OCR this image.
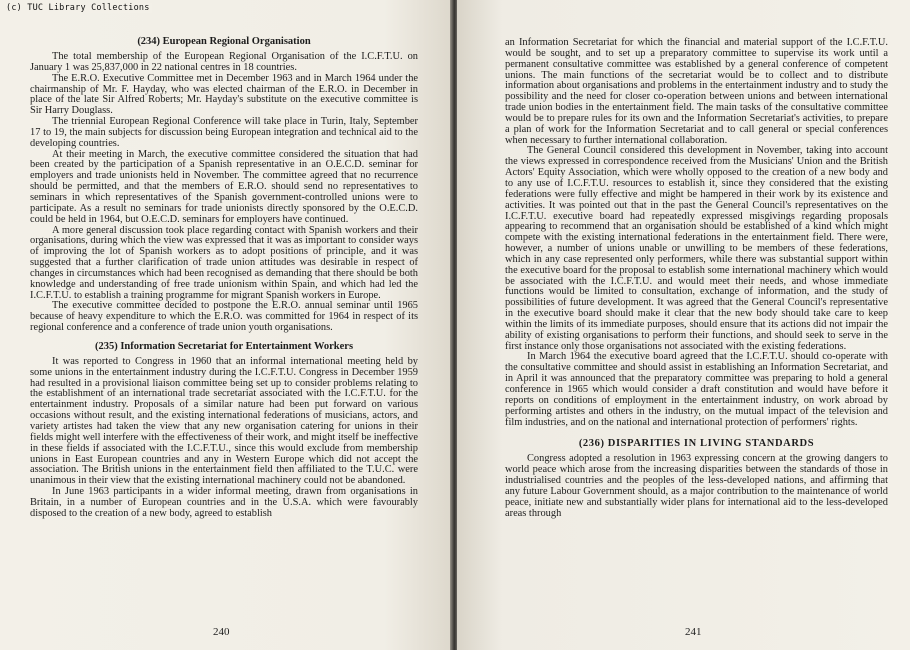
(234) European Regional Organisation

The total membership of the European Regional Organisation of the I.C.F.T.U. on January 1 was 25,837,000 in 22 national centres in 18 countries.

The E.R.O. Executive Committee met in December 1963 and in March 1964 under the chairmanship of Mr. F. Hayday, who was elected chairman of the E.R.O. in December in place of the late Sir Alfred Roberts; Mr. Hayday's substitute on the executive committee is Sir Harry Douglass.

The triennial European Regional Conference will take place in Turin, Italy, September 17 to 19, the main subjects for discussion being European integration and technical aid to the developing countries.

At their meeting in March, the executive committee considered the situation that had been created by the participation of a Spanish representative in an O.E.C.D. seminar for employers and trade unionists held in November. The committee agreed that no recurrence should be permitted, and that the members of E.R.O. should send no representatives to seminars in which representatives of the Spanish government-controlled unions were to participate. As a result no seminars for trade unionists directly sponsored by the O.E.C.D. could be held in 1964, but O.E.C.D. seminars for employers have continued.

A more general discussion took place regarding contact with Spanish workers and their organisations, during which the view was expressed that it was as important to consider ways of improving the lot of Spanish workers as to adopt positions of principle, and it was suggested that a further clarification of trade union attitudes was desirable in respect of changes in circumstances which had been recognised as demanding that there should be both knowledge and understanding of free trade unionism within Spain, and which had led the I.C.F.T.U. to establish a training programme for migrant Spanish workers in Europe.

The executive committee decided to postpone the E.R.O. annual seminar until 1965 because of heavy expenditure to which the E.R.O. was committed for 1964 in respect of its regional conference and a conference of trade union youth organisations.

(235) Information Secretariat for Entertainment Workers

It was reported to Congress in 1960 that an informal international meeting held by some unions in the entertainment industry during the I.C.F.T.U. Congress in December 1959 had resulted in a provisional liaison committee being set up to consider problems relating to the establishment of an international trade secretariat associated with the I.C.F.T.U. for the entertainment industry. Proposals of a similar nature had been put forward on various occasions without result, and the existing international federations of musicians, actors, and variety artistes had taken the view that any new organisation catering for unions in their fields might well interfere with the effectiveness of their work, and might itself be ineffective in these fields if associated with the I.C.F.T.U., since this would exclude from membership unions in East European countries and any in Western Europe which did not accept the association. The British unions in the entertainment field then affiliated to the T.U.C. were unanimous in their view that the existing international machinery could not be abandoned.

In June 1963 participants in a wider informal meeting, drawn from organisations in Britain, in a number of European countries and in the U.S.A. which were favourably disposed to the creation of a new body, agreed to establish

240

an Information Secretariat for which the financial and material support of the I.C.F.T.U. would be sought, and to set up a preparatory committee to supervise its work until a permanent consultative committee was established by a general conference of competent unions. The main functions of the secretariat would be to collect and to distribute information about organisations and problems in the entertainment industry and to study the possibility and the need for closer co-operation between unions and between international trade union bodies in the entertainment field. The main tasks of the consultative committee would be to prepare rules for its own and the Information Secretariat's activities, to prepare a plan of work for the Information Secretariat and to call general or special conferences when necessary to further international collaboration.

The General Council considered this development in November, taking into account the views expressed in correspondence received from the Musicians' Union and the British Actors' Equity Association, which were wholly opposed to the creation of a new body and to any use of I.C.F.T.U. resources to establish it, since they considered that the existing federations were fully effective and might be hampered in their work by its existence and activities. It was pointed out that in the past the General Council's representatives on the I.C.F.T.U. executive board had repeatedly expressed misgivings regarding proposals appearing to recommend that an organisation should be established of a kind which might compete with the existing international federations in the entertainment field. There were, however, a number of unions unable or unwilling to be members of these federations, which in any case represented only performers, while there was substantial support within the executive board for the proposal to establish some international machinery which would be associated with the I.C.F.T.U. and would meet their needs, and whose immediate functions would be limited to consultation, exchange of information, and the study of possibilities of future development. It was agreed that the General Council's representative in the executive board should make it clear that the new body should take care to keep within the limits of its immediate purposes, should ensure that its actions did not impair the ability of existing organisations to perform their functions, and should seek to serve in the first instance only those organisations not associated with the existing federations.

In March 1964 the executive board agreed that the I.C.F.T.U. should co-operate with the consultative committee and should assist in establishing an Information Secretariat, and in April it was announced that the preparatory committee was preparing to hold a general conference in 1965 which would consider a draft constitution and would have before it reports on conditions of employment in the entertainment industry, on work abroad by performing artistes and others in the industry, on the mutual impact of the television and film industries, and on the national and international protection of performers' rights.

(236) DISPARITIES IN LIVING STANDARDS

Congress adopted a resolution in 1963 expressing concern at the growing dangers to world peace which arose from the increasing disparities between the standards of those in industrialised countries and the peoples of the less-developed nations, and affirming that any future Labour Government should, as a major contribution to the maintenance of world peace, initiate new and substantially wider plans for international aid to the less-developed areas through

241
(c) TUC Library Collections
